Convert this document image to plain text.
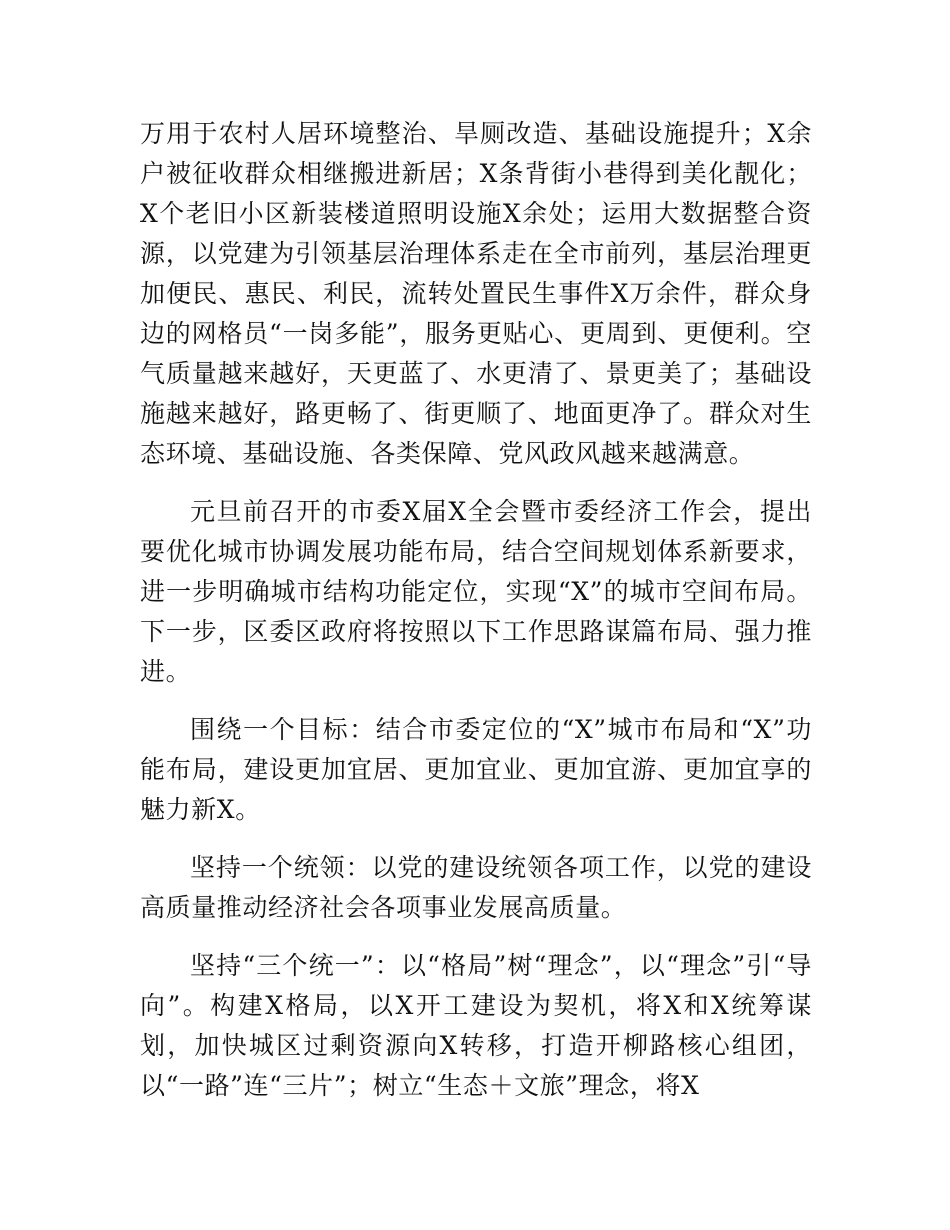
万用于农村人居环境整治、旱厕改造、基础设施提升；X余户被征收群众相继搬进新居；X条背街小巷得到美化靓化；X个老旧小区新装楼道照明设施X余处；运用大数据整合资源，以党建为引领基层治理体系走在全市前列，基层治理更加便民、惠民、利民，流转处置民生事件X万余件，群众身边的网格员“一岗多能”，服务更贴心、更周到、更便利。空气质量越来越好，天更蓝了、水更清了、景更美了；基础设施越来越好，路更畅了、街更顺了、地面更净了。群众对生态环境、基础设施、各类保障、党风政风越来越满意。

元旦前召开的市委X届X全会暨市委经济工作会，提出要优化城市协调发展功能布局，结合空间规划体系新要求，进一步明确城市结构功能定位，实现“X”的城市空间布局。下一步，区委区政府将按照以下工作思路谋篇布局、强力推进。

围绕一个目标：结合市委定位的“X”城市布局和“X”功能布局，建设更加宜居、更加宜业、更加宜游、更加宜享的魅力新X。

坚持一个统领：以党的建设统领各项工作，以党的建设高质量推动经济社会各项事业发展高质量。

坚持“三个统一”：以“格局”树“理念”，以“理念”引“导向”。构建X格局，以X开工建设为契机，将X和X统筹谋划，加快城区过剩资源向X转移，打造开柳路核心组团，以“一路”连“三片”；树立“生态＋文旅”理念，将X
